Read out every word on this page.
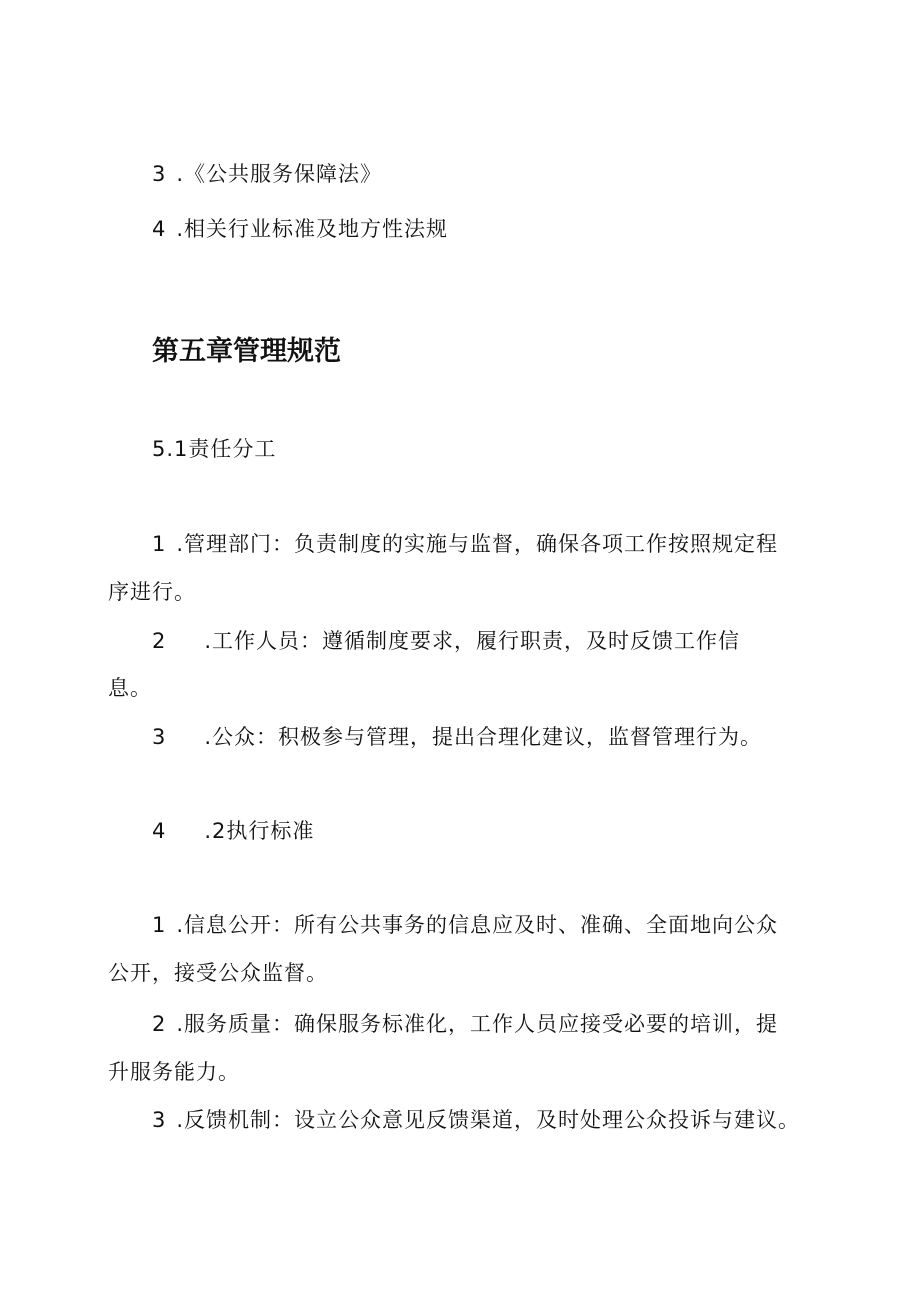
3 .《公共服务保障法》
4 .相关行业标准及地方性法规
第五章管理规范
5.1责任分工
1 .管理部门：负责制度的实施与监督，确保各项工作按照规定程
序进行。
2 .工作人员：遵循制度要求，履行职责，及时反馈工作信
息。
3 .公众：积极参与管理，提出合理化建议，监督管理行为。
4 .2执行标准
1 .信息公开：所有公共事务的信息应及时、准确、全面地向公众
公开，接受公众监督。
2 .服务质量：确保服务标准化，工作人员应接受必要的培训，提
升服务能力。
3 .反馈机制：设立公众意见反馈渠道，及时处理公众投诉与建议。
